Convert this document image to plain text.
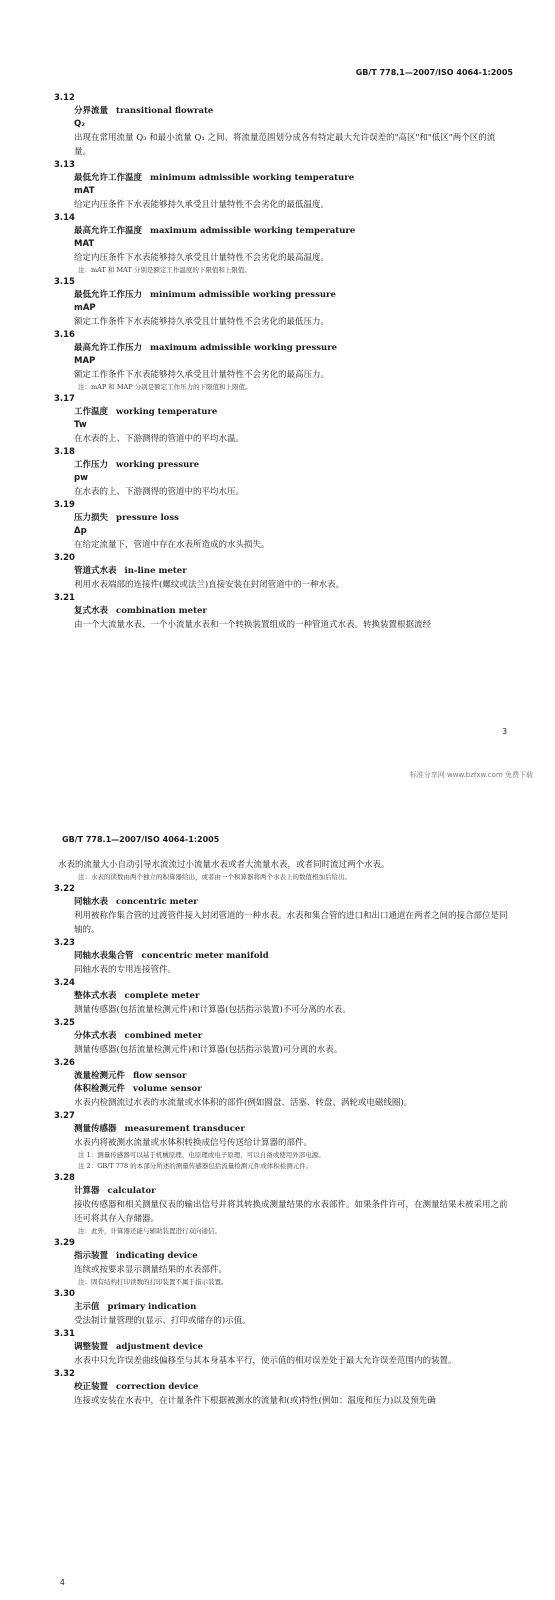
GB/T 778.1—2007/ISO 4064-1:2005
3.12
分界流量 transitional flowrate
Q₂
出现在常用流量 Q₃ 和最小流量 Q₁ 之间、将流量范围划分成各有特定最大允许误差的"高区"和"低区"两个区的流量。
3.13
最低允许工作温度 minimum admissible working temperature
mAT
给定内压条件下水表能够持久承受且计量特性不会劣化的最低温度。
3.14
最高允许工作温度 maximum admissible working temperature
MAT
给定内压条件下水表能够持久承受且计量特性不会劣化的最高温度。
注：mAT 和 MAT 分别是额定工作温度的下限值和上限值。
3.15
最低允许工作压力 minimum admissible working pressure
mAP
额定工作条件下水表能够持久承受且计量特性不会劣化的最低压力。
3.16
最高允许工作压力 maximum admissible working pressure
MAP
额定工作条件下水表能够持久承受且计量特性不会劣化的最高压力。
注：mAP 和 MAP 分别是额定工作压力的下限值和上限值。
3.17
工作温度 working temperature
Tw
在水表的上、下游测得的管道中的平均水温。
3.18
工作压力 working pressure
pw
在水表的上、下游测得的管道中的平均水压。
3.19
压力损失 pressure loss
Δp
在给定流量下，管道中存在水表所造成的水头损失。
3.20
管道式水表 in-line meter
利用水表端部的连接件(螺纹或法兰)直接安装在封闭管道中的一种水表。
3.21
复式水表 combination meter
由一个大流量水表、一个小流量水表和一个转换装置组成的一种管道式水表。转换装置根据流经
3
标准分享网 www.bzfxw.com 免费下载
GB/T 778.1—2007/ISO 4064-1:2005
水表的流量大小自动引导水流流过小流量水表或者大流量水表，或者同时流过两个水表。
注：水表的读数由两个独立的积算器给出，或者由一个积算器将两个水表上的数值相加后给出。
3.22
同轴水表 concentric meter
利用被称作集合管的过渡管件接入封闭管道的一种水表。水表和集合管的进口和出口通道在两者之间的接合部位是同轴的。
3.23
同轴水表集合管 concentric meter manifold
同轴水表的专用连接管件。
3.24
整体式水表 complete meter
测量传感器(包括流量检测元件)和计算器(包括指示装置)不可分离的水表。
3.25
分体式水表 combined meter
测量传感器(包括流量检测元件)和计算器(包括指示装置)可分离的水表。
3.26
流量检测元件 flow sensor
体积检测元件 volume sensor
水表内检测流过水表的水流量或水体积的部件(例如圆盘、活塞、转盘、涡轮或电磁线圈)。
3.27
测量传感器 measurement transducer
水表内将被测水流量或水体积转换成信号传送给计算器的部件。
注 1：测量传感器可以基于机械原理、电原理或电子原理，可以自备或使用外部电源。
注 2：GB/T 778 的本部分所述的测量传感器包括流量检测元件或体积检测元件。
3.28
计算器 calculator
接收传感器和相关测量仪表的输出信号并将其转换成测量结果的水表部件。如果条件许可，在测量结果未被采用之前还可将其存入存储器。
注：此外，计算器还能与辅助装置进行双向通信。
3.29
指示装置 indicating device
连续或按要求显示测量结果的水表部件。
注：固有结构打印读数的打印装置不属于指示装置。
3.30
主示值 primary indication
受法制计量管理的(显示、打印或储存的)示值。
3.31
调整装置 adjustment device
水表中只允许误差曲线偏移至与其本身基本平行，使示值的相对误差处于最大允许误差范围内的装置。
3.32
校正装置 correction device
连接或安装在水表中，在计量条件下根据被测水的流量和(或)特性(例如：温度和压力)以及预先确
4
